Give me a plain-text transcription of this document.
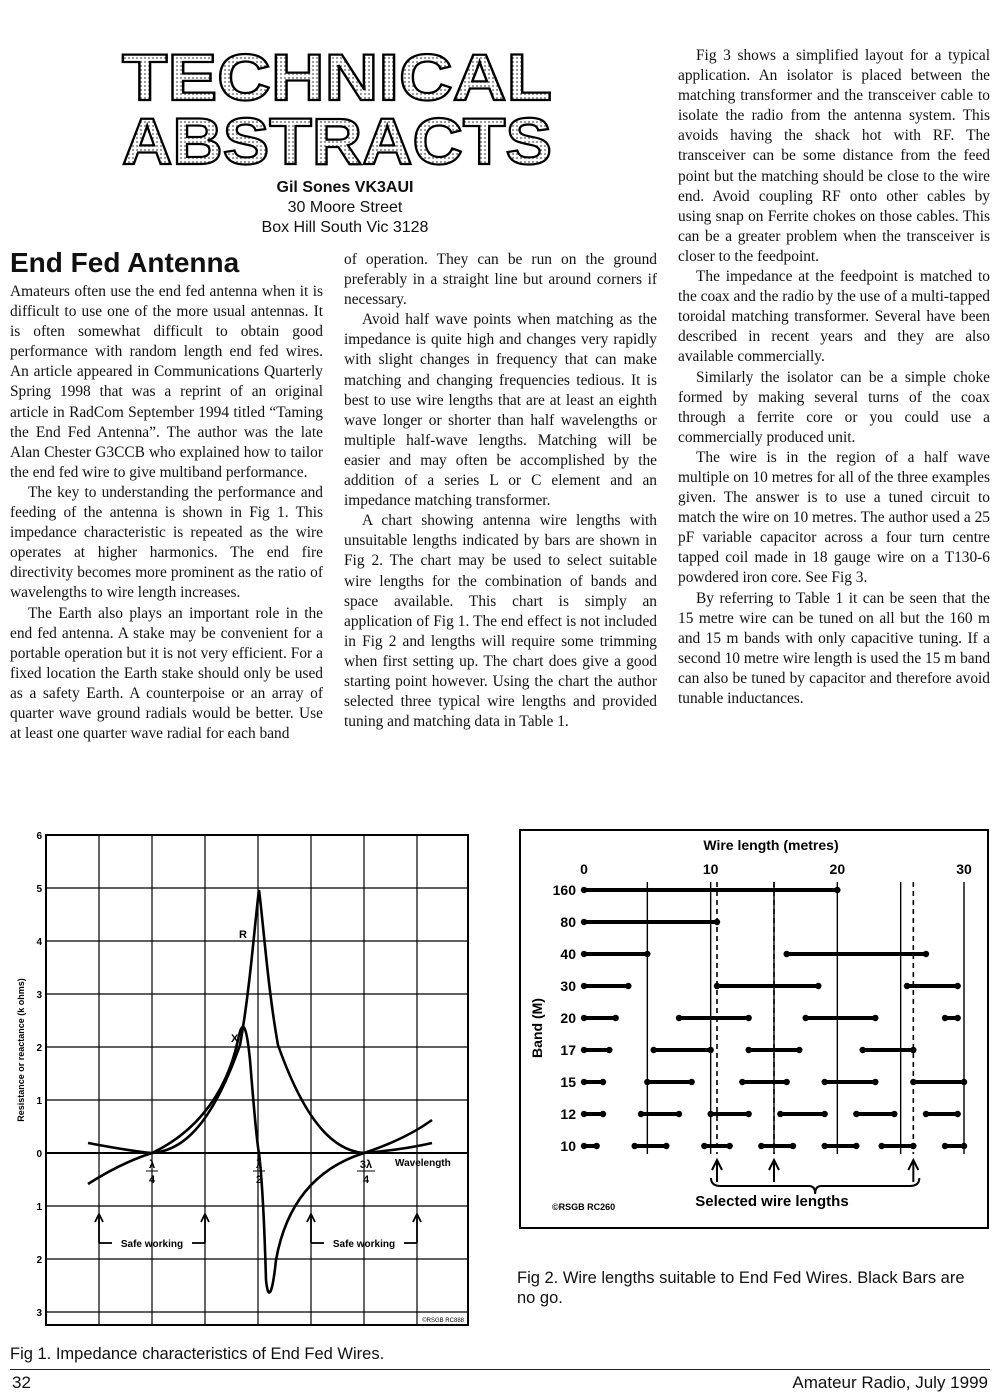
TECHNICAL
ABSTRACTS
Gil Sones VK3AUI
30 Moore Street
Box Hill South Vic 3128
End Fed Antenna

Amateurs often use the end fed antenna when it is difficult to use one of the more usual antennas. It is often somewhat difficult to obtain good performance with random length end fed wires. An article appeared in Communications Quarterly Spring 1998 that was a reprint of an original article in RadCom September 1994 titled “Taming the End Fed Antenna”. The author was the late Alan Chester G3CCB who explained how to tailor the end fed wire to give multiband performance.

The key to understanding the performance and feeding of the antenna is shown in Fig 1. This impedance characteristic is repeated as the wire operates at higher harmonics. The end fire directivity becomes more prominent as the ratio of wavelengths to wire length increases.

The Earth also plays an important role in the end fed antenna. A stake may be convenient for a portable operation but it is not very efficient. For a fixed location the Earth stake should only be used as a safety Earth. A counterpoise or an array of quarter wave ground radials would be better. Use at least one quarter wave radial for each band

of operation. They can be run on the ground preferably in a straight line but around corners if necessary.

Avoid half wave points when matching as the impedance is quite high and changes very rapidly with slight changes in frequency that can make matching and changing frequencies tedious. It is best to use wire lengths that are at least an eighth wave longer or shorter than half wavelengths or multiple half-wave lengths. Matching will be easier and may often be accomplished by the addition of a series L or C element and an impedance matching transformer.

A chart showing antenna wire lengths with unsuitable lengths indicated by bars are shown in Fig 2. The chart may be used to select suitable wire lengths for the combination of bands and space available. This chart is simply an application of Fig 1. The end effect is not included in Fig 2 and lengths will require some trimming when first setting up. The chart does give a good starting point however. Using the chart the author selected three typical wire lengths and provided tuning and matching data in Table 1.

Fig 3 shows a simplified layout for a typical application. An isolator is placed between the matching transformer and the transceiver cable to isolate the radio from the antenna system. This avoids having the shack hot with RF. The transceiver can be some distance from the feed point but the matching should be close to the wire end. Avoid coupling RF onto other cables by using snap on Ferrite chokes on those cables. This can be a greater problem when the transceiver is closer to the feedpoint.

The impedance at the feedpoint is matched to the coax and the radio by the use of a multi-tapped toroidal matching transformer. Several have been described in recent years and they are also available commercially.

Similarly the isolator can be a simple choke formed by making several turns of the coax through a ferrite core or you could use a commercially produced unit.

The wire is in the region of a half wave multiple on 10 metres for all of the three examples given. The answer is to use a tuned circuit to match the wire on 10 metres. The author used a 25 pF variable capacitor across a four turn centre tapped coil made in 18 gauge wire on a T130-6 powdered iron core. See Fig 3.

By referring to Table 1 it can be seen that the 15 metre wire can be tuned on all but the 160 m and 15 m bands with only capacitive tuning. If a second 10 metre wire length is used the 15 m band can also be tuned by capacitor and therefore avoid tunable inductances.

6
5
4
3
2
1
0
1
2
3
Resistance or reactance (k ohms)
R
X
λ
4
λ
2
3λ
4
Wavelength
Safe working	Safe working
©RSGB RC888
Wire length (metres)
Band (M)
0	10	20	30
160
80
40
30
20
17
15
12
10
Selected wire lengths
©RSGB RC260
Fig 1. Impedance characteristics of End Fed Wires.
Fig 2. Wire lengths suitable to End Fed Wires. Black Bars are no go.
32	Amateur Radio, July 1999
